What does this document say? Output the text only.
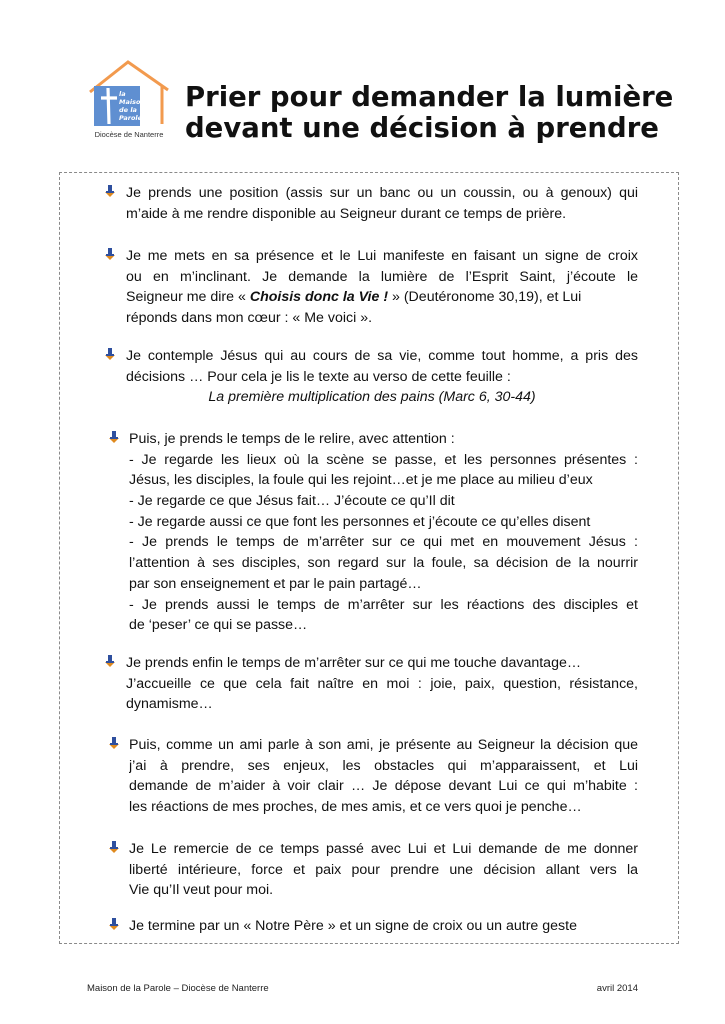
la
Maison
de la
Parole
Diocèse de Nanterre
Prier pour demander la lumière
devant une décision à prendre
Je prends une position (assis sur un banc ou un coussin, ou à genoux) qui
m’aide à me rendre disponible au Seigneur durant ce temps de prière.
Je me mets en sa présence et le Lui manifeste en faisant un signe de croix
ou en m’inclinant. Je demande la lumière de l’Esprit Saint, j’écoute le
Seigneur me dire « Choisis donc la Vie ! » (Deutéronome 30,19), et Lui
réponds dans mon cœur : « Me voici ».
Je contemple Jésus qui au cours de sa vie, comme tout homme, a pris des
décisions … Pour cela je lis le texte au verso de cette feuille :
La première multiplication des pains (Marc 6, 30-44)
Puis, je prends le temps de le relire, avec attention :
- Je regarde les lieux où la scène se passe, et les personnes présentes :
Jésus, les disciples, la foule qui les rejoint…et je me place au milieu d’eux
- Je regarde ce que Jésus fait… J’écoute ce qu’Il dit
- Je regarde aussi ce que font les personnes et j’écoute ce qu’elles disent
- Je prends le temps de m’arrêter sur ce qui met en mouvement Jésus :
l’attention à ses disciples, son regard sur la foule, sa décision de la nourrir
par son enseignement et par le pain partagé…
- Je prends aussi le temps de m’arrêter sur les réactions des disciples et
de ‘peser’ ce qui se passe…
Je prends enfin le temps de m’arrêter sur ce qui me touche davantage…
J’accueille ce que cela fait naître en moi : joie, paix, question, résistance,
dynamisme…
Puis, comme un ami parle à son ami, je présente au Seigneur la décision que
j’ai à prendre, ses enjeux, les obstacles qui m’apparaissent, et Lui
demande de m’aider à voir clair … Je dépose devant Lui ce qui m’habite :
les réactions de mes proches, de mes amis, et ce vers quoi je penche…
Je Le remercie de ce temps passé avec Lui et Lui demande de me donner
liberté intérieure, force et paix pour prendre une décision allant vers la
Vie qu’Il veut pour moi.
Je termine par un « Notre Père » et un signe de croix ou un autre geste
Maison de la Parole – Diocèse de Nanterre	avril 2014
